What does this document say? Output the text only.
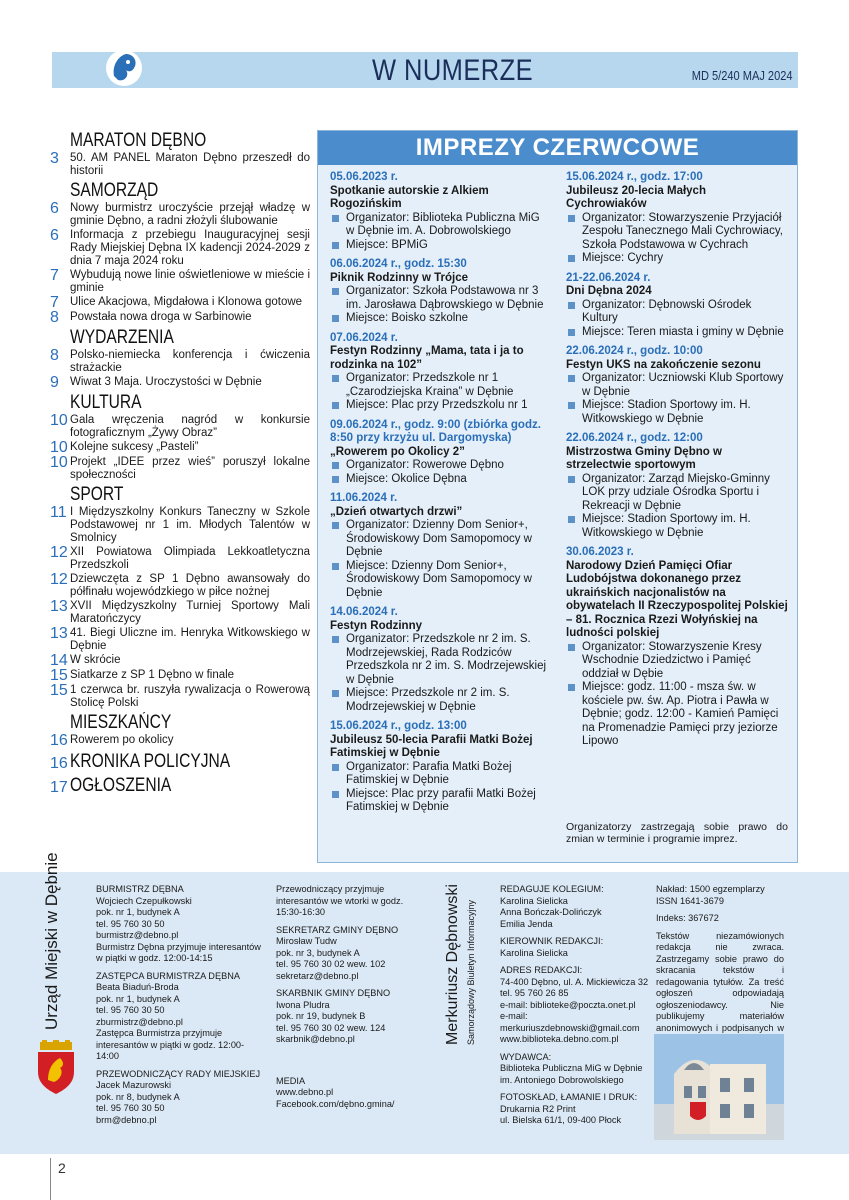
W NUMERZE	MD 5/240 MAJ 2024
MARATON DĘBNO
3 50. AM PANEL Maraton Dębno przeszedł do historii
SAMORZĄD
6 Nowy burmistrz uroczyście przejął władzę w gminie Dębno, a radni złożyli ślubowanie
6 Informacja z przebiegu Inauguracyjnej sesji Rady Miejskiej Dębna IX kadencji 2024-2029 z dnia 7 maja 2024 roku
7 Wybudują nowe linie oświetleniowe w mieście i gminie
7 Ulice Akacjowa, Migdałowa i Klonowa gotowe
8 Powstała nowa droga w Sarbinowie
WYDARZENIA
8 Polsko-niemiecka konferencja i ćwiczenia strażackie
9 Wiwat 3 Maja. Uroczystości w Dębnie
KULTURA
10 Gala wręczenia nagród w konkursie fotograficznym „Żywy Obraz”
10 Kolejne sukcesy „Pasteli”
10 Projekt „IDEE przez wieś” poruszył lokalne społeczności
SPORT
11 I Międzyszkolny Konkurs Taneczny w Szkole Podstawowej nr 1 im. Młodych Talentów w Smolnicy
12 XII Powiatowa Olimpiada Lekkoatletyczna Przedszkoli
12 Dziewczęta z SP 1 Dębno awansowały do półfinału wojewódzkiego w piłce nożnej
13 XVII Międzyszkolny Turniej Sportowy Mali Maratończycy
13 41. Biegi Uliczne im. Henryka Witkowskiego w Dębnie
14 W skrócie
15 Siatkarze z SP 1 Dębno w finale
15 1 czerwca br. ruszyła rywalizacja o Rowerową Stolicę Polski
MIESZKAŃCY
16 Rowerem po okolicy
16 KRONIKA POLICYJNA
17 OGŁOSZENIA
IMPREZY CZERWCOWE
05.06.2023 r.
Spotkanie autorskie z Alkiem Rogozińskim
Organizator: Biblioteka Publiczna MiG w Dębnie im. A. Dobrowolskiego
Miejsce: BPMiG
06.06.2024 r., godz. 15:30
Piknik Rodzinny w Trójce
Organizator: Szkoła Podstawowa nr 3 im. Jarosława Dąbrowskiego w Dębnie
Miejsce: Boisko szkolne
07.06.2024 r.
Festyn Rodzinny „Mama, tata i ja to rodzinka na 102”
Organizator: Przedszkole nr 1 „Czarodziejska Kraina” w Dębnie
Miejsce: Plac przy Przedszkolu nr 1
09.06.2024 r., godz. 9:00 (zbiórka godz. 8:50 przy krzyżu ul. Dargomyska)
„Rowerem po Okolicy 2”
Organizator: Rowerowe Dębno
Miejsce: Okolice Dębna
11.06.2024 r.
„Dzień otwartych drzwi”
Organizator: Dzienny Dom Senior+, Środowiskowy Dom Samopomocy w Dębnie
Miejsce: Dzienny Dom Senior+, Środowiskowy Dom Samopomocy w Dębnie
14.06.2024 r.
Festyn Rodzinny
Organizator: Przedszkole nr 2 im. S. Modrzejewskiej, Rada Rodziców Przedszkola nr 2 im. S. Modrzejewskiej w Dębnie
Miejsce: Przedszkole nr 2 im. S. Modrzejewskiej w Dębnie
15.06.2024 r., godz. 13:00
Jubileusz 50-lecia Parafii Matki Bożej Fatimskiej w Dębnie
Organizator: Parafia Matki Bożej Fatimskiej w Dębnie
Miejsce: Plac przy parafii Matki Bożej Fatimskiej w Dębnie
15.06.2024 r., godz. 17:00
Jubileusz 20-lecia Małych Cychrowiaków
Organizator: Stowarzyszenie Przyjaciół Zespołu Tanecznego Mali Cychrowiacy, Szkoła Podstawowa w Cychrach
Miejsce: Cychry
21-22.06.2024 r.
Dni Dębna 2024
Organizator: Dębnowski Ośrodek Kultury
Miejsce: Teren miasta i gminy w Dębnie
22.06.2024 r., godz. 10:00
Festyn UKS na zakończenie sezonu
Organizator: Uczniowski Klub Sportowy w Dębnie
Miejsce: Stadion Sportowy im. H. Witkowskiego w Dębnie
22.06.2024 r., godz. 12:00
Mistrzostwa Gminy Dębno w strzelectwie sportowym
Organizator: Zarząd Miejsko-Gminny LOK przy udziale Ośrodka Sportu i Rekreacji w Dębnie
Miejsce: Stadion Sportowy im. H. Witkowskiego w Dębnie
30.06.2023 r.
Narodowy Dzień Pamięci Ofiar Ludobójstwa dokonanego przez ukraińskich nacjonalistów na obywatelach II Rzeczypospolitej Polskiej – 81. Rocznica Rzezi Wołyńskiej na ludności polskiej
Organizator: Stowarzyszenie Kresy Wschodnie Dziedzictwo i Pamięć oddział w Dębie
Miejsce: godz. 11:00 - msza św. w kościele pw. św. Ap. Piotra i Pawła w Dębnie; godz. 12:00 - Kamień Pamięci na Promenadzie Pamięci przy jeziorze Lipowo
Organizatorzy zastrzegają sobie prawo do zmian w terminie i programie imprez.
Urząd Miejski w Dębnie	BURMISTRZ DĘBNA
Wojciech Czepułkowski
pok. nr 1, budynek A
tel. 95 760 30 50
burmistrz@debno.pl
Burmistrz Dębna przyjmuje interesantów w piątki w godz. 12:00-14:15
ZASTĘPCA BURMISTRZA DĘBNA
Beata Biaduń-Broda
pok. nr 1, budynek A
tel. 95 760 30 50
zburmistrz@debno.pl
Zastępca Burmistrza przyjmuje interesantów w piątki w godz. 12:00-14:00
PRZEWODNICZĄCY RADY MIEJSKIEJ
Jacek Mazurowski
pok. nr 8, budynek A
tel. 95 760 30 50
brm@debno.pl
Przewodniczący przyjmuje interesantów we wtorki w godz. 15:30-16:30
SEKRETARZ GMINY DĘBNO
Mirosław Tudw
pok. nr 3, budynek A
tel. 95 760 30 02 wew. 102
sekretarz@debno.pl
SKARBNIK GMINY DĘBNO
Iwona Pludra
pok. nr 19, budynek B
tel. 95 760 30 02 wew. 124
skarbnik@debno.pl
MEDIA
www.debno.pl
Facebook.com/dębno.gmina/
Merkuriusz Dębnowski Samorządowy Biuletyn Informacyjny
REDAGUJE KOLEGIUM:
Karolina Sielicka
Anna Bończak-Dolińczyk
Emilia Jenda
KIEROWNIK REDAKCJI:
Karolina Sielicka
ADRES REDAKCJI:
74-400 Dębno, ul. A. Mickiewicza 32
tel. 95 760 26 85
e-mail: biblioteke@poczta.onet.pl
e-mail: merkuriuszdebnowski@gmail.com
www.biblioteka.debno.com.pl
WYDAWCA:
Biblioteka Publiczna MiG w Dębnie
im. Antoniego Dobrowolskiego
FOTOSKŁAD, ŁAMANIE I DRUK:
Drukarnia R2 Print
ul. Bielska 61/1, 09-400 Płock
Nakład: 1500 egzemplarzy
ISSN 1641-3679
Indeks: 367672
Tekstów niezamówionych redakcja nie zwraca. Zastrzegamy sobie prawo do skracania tekstów i redagowania tytułów. Za treść ogłoszeń odpowiadają ogłoszeniodawcy. Nie publikujemy materiałów anonimowych i podpisanych w
2
